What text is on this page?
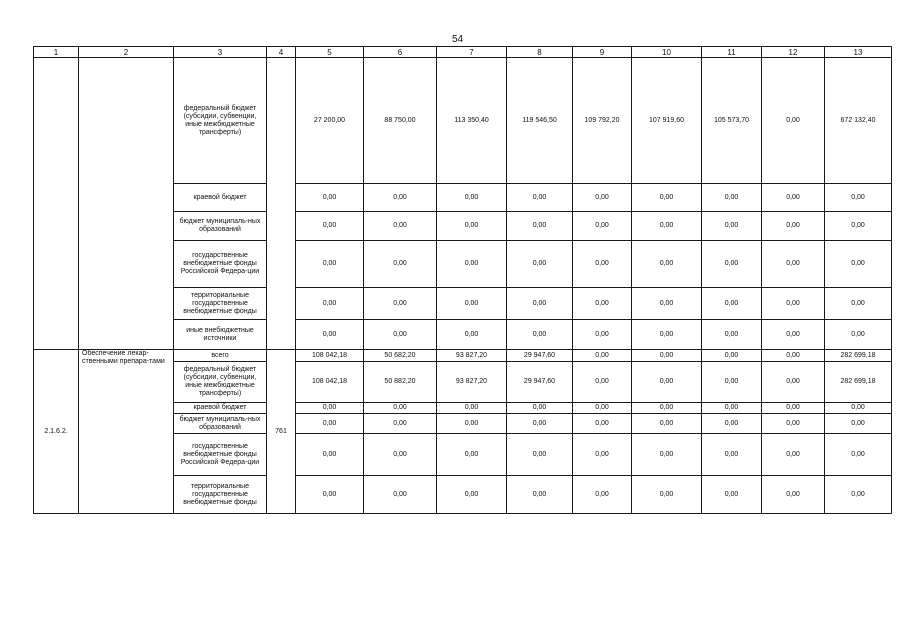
54
1	2	3	4	5	6	7	8	9	10	11	12	13
		федеральный бюджет (субсидии, субвенции, иные межбюджетные трансферты)		27 200,00	88 750,00	113 350,40	119 546,50	109 792,20	107 919,60	105 573,70	0,00	672 132,40
		краевой бюджет		0,00	0,00	0,00	0,00	0,00	0,00	0,00	0,00	0,00
		бюджет муниципаль-ных образований		0,00	0,00	0,00	0,00	0,00	0,00	0,00	0,00	0,00
		государственные внебюджетные фонды Российской Федера-ции		0,00	0,00	0,00	0,00	0,00	0,00	0,00	0,00	0,00
		территориальные государственные внебюджетные фонды		0,00	0,00	0,00	0,00	0,00	0,00	0,00	0,00	0,00
		иные внебюджетные источники		0,00	0,00	0,00	0,00	0,00	0,00	0,00	0,00	0,00
2.1.6.2.	Обеспечение лекар-ственными препара-тами	всего	761	108 042,18	50 682,20	93 827,20	29 947,60	0,00	0,00	0,00	0,00	282 699,18
		федеральный бюджет (субсидии, субвенции, иные межбюджетные трансферты)		108 042,18	50 882,20	93 827,20	29 947,60	0,00	0,00	0,00	0,00	282 699,18
		краевой бюджет		0,00	0,00	0,00	0,00	0,00	0,00	0,00	0,00	0,00
		бюджет муниципаль-ных образований		0,00	0,00	0,00	0,00	0,00	0,00	0,00	0,00	0,00
		государственные внебюджетные фонды Российской Федера-ции		0,00	0,00	0,00	0,00	0,00	0,00	0,00	0,00	0,00
		территориальные государственные внебюджетные фонды		0,00	0,00	0,00	0,00	0,00	0,00	0,00	0,00	0,00
